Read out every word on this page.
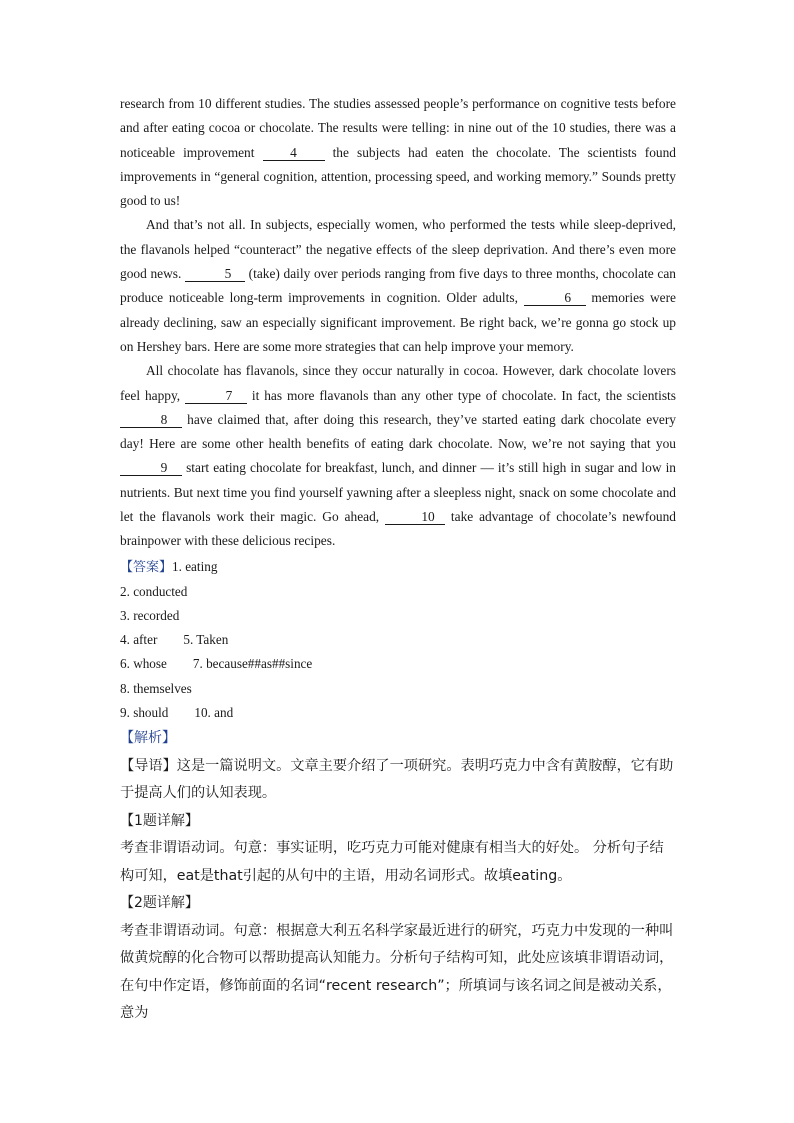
research from 10 different studies. The studies assessed people’s performance on cognitive tests before and after eating cocoa or chocolate. The results were telling: in nine out of the 10 studies, there was a noticeable improvement 4 the subjects had eaten the chocolate. The scientists found improvements in “general cognition, attention, processing speed, and working memory.” Sounds pretty good to us!

And that’s not all. In subjects, especially women, who performed the tests while sleep-deprived, the flavanols helped “counteract” the negative effects of the sleep deprivation. And there’s even more good news.	5 (take) daily over periods ranging from five days to three months, chocolate can produce noticeable long-term improvements in cognition. Older adults,	6 memories were already declining, saw an especially significant improvement. Be right back, we’re gonna go stock up on Hershey bars. Here are some more strategies that can help improve your memory.

All chocolate has flavanols, since they occur naturally in cocoa. However, dark chocolate lovers feel happy,	7 it has more flavanols than any other type of chocolate. In fact, the scientists 8 have claimed that, after doing this research, they’ve started eating dark chocolate every day! Here are some other health benefits of eating dark chocolate. Now, we’re not saying that you 9 start eating chocolate for breakfast, lunch, and dinner — it’s still high in sugar and low in nutrients. But next time you find yourself yawning after a sleepless night, snack on some chocolate and let the flavanols work their magic. Go ahead,	10 take advantage of chocolate’s newfound brainpower with these delicious recipes.

【答案】1. eating
2. conducted
3. recorded
4. after 5. Taken
6. whose 7. because##as##since
8. themselves
9. should 10. and
【解析】

【导语】这是一篇说明文。文章主要介绍了一项研究。表明巧克力中含有黄胺醇，它有助于提高人们的认知表现。

【1题详解】

考查非谓语动词。句意：事实证明，吃巧克力可能对健康有相当大的好处。 分析句子结构可知，eat是that引起的从句中的主语，用动名词形式。故填eating。

【2题详解】

考查非谓语动词。句意：根据意大利五名科学家最近进行的研究，巧克力中发现的一种叫做黄烷醇的化合物可以帮助提高认知能力。分析句子结构可知，此处应该填非谓语动词，在句中作定语，修饰前面的名词“recent research”；所填词与该名词之间是被动关系，意为
